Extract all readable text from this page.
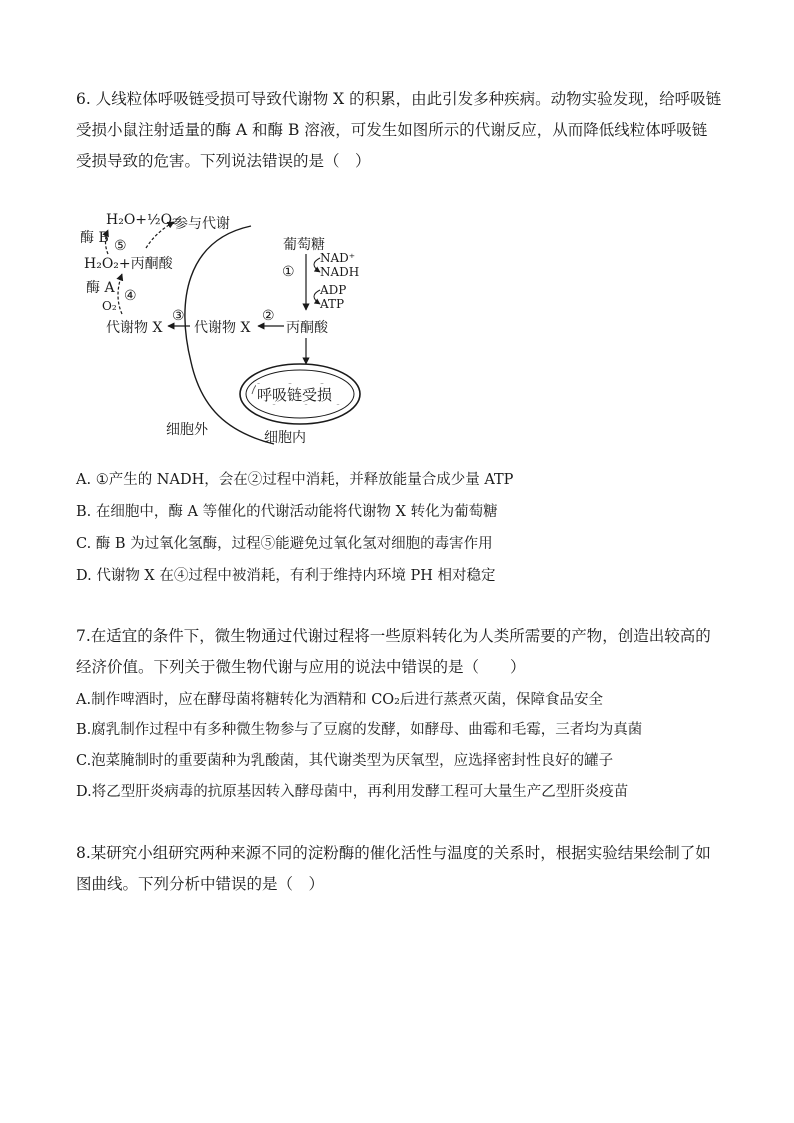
6. 人线粒体呼吸链受损可导致代谢物 X 的积累，由此引发多种疾病。动物实验发现，给呼吸链受损小鼠注射适量的酶 A 和酶 B 溶液，可发生如图所示的代谢反应，从而降低线粒体呼吸链受损导致的危害。下列说法错误的是（　）

H₂O+½O₂
参与代谢
酶 B ⑤
H₂O₂+丙酮酸
酶 A ④
O₂
代谢物 X
③
代谢物 X
②
丙酮酸
葡萄糖
①
NAD⁺
NADH
ADP
ATP
呼吸链受损
细胞外	细胞内

A. ①产生的 NADH，会在②过程中消耗，并释放能量合成少量 ATP

B. 在细胞中，酶 A 等催化的代谢活动能将代谢物 X 转化为葡萄糖

C. 酶 B 为过氧化氢酶，过程⑤能避免过氧化氢对细胞的毒害作用

D. 代谢物 X 在④过程中被消耗，有利于维持内环境 PH 相对稳定

7.在适宜的条件下，微生物通过代谢过程将一些原料转化为人类所需要的产物，创造出较高的经济价值。下列关于微生物代谢与应用的说法中错误的是（　　）

A.制作啤酒时，应在酵母菌将糖转化为酒精和 CO₂后进行蒸煮灭菌，保障食品安全

B.腐乳制作过程中有多种微生物参与了豆腐的发酵，如酵母、曲霉和毛霉，三者均为真菌

C.泡菜腌制时的重要菌种为乳酸菌，其代谢类型为厌氧型，应选择密封性良好的罐子

D.将乙型肝炎病毒的抗原基因转入酵母菌中，再利用发酵工程可大量生产乙型肝炎疫苗

8.某研究小组研究两种来源不同的淀粉酶的催化活性与温度的关系时，根据实验结果绘制了如图曲线。下列分析中错误的是（　）
